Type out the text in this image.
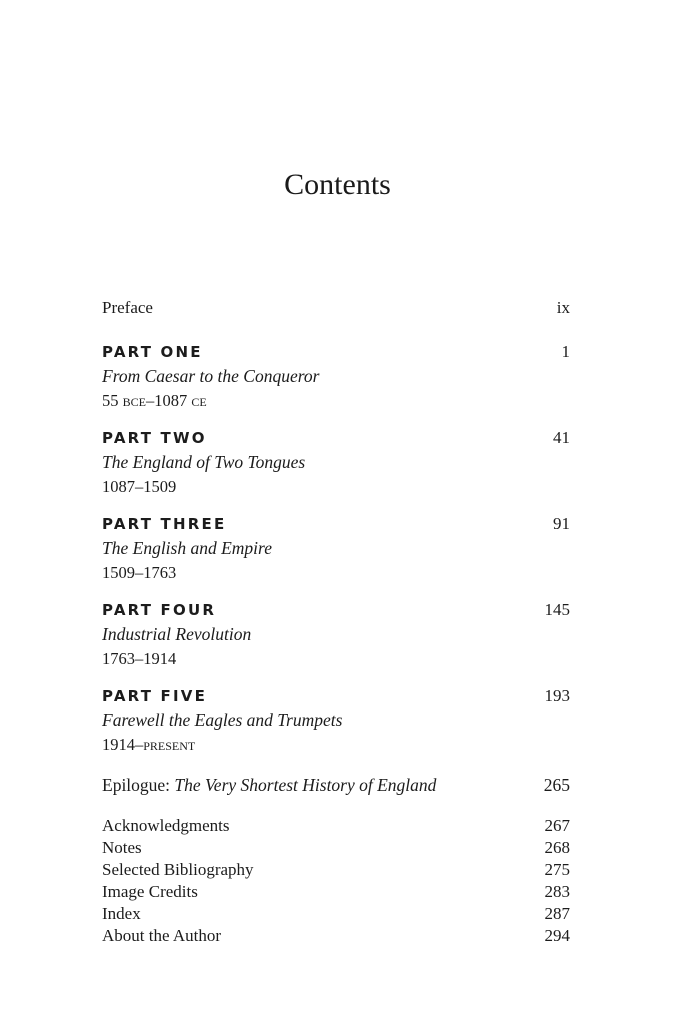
Contents
Preface	ix
PART ONE	1
From Caesar to the Conqueror
55 bce–1087 ce
PART TWO	41
The England of Two Tongues
1087–1509
PART THREE	91
The English and Empire
1509–1763
PART FOUR	145
Industrial Revolution
1763–1914
PART FIVE	193
Farewell the Eagles and Trumpets
1914–present
Epilogue: The Very Shortest History of England	265
Acknowledgments	267
Notes	268
Selected Bibliography	275
Image Credits	283
Index	287
About the Author	294
